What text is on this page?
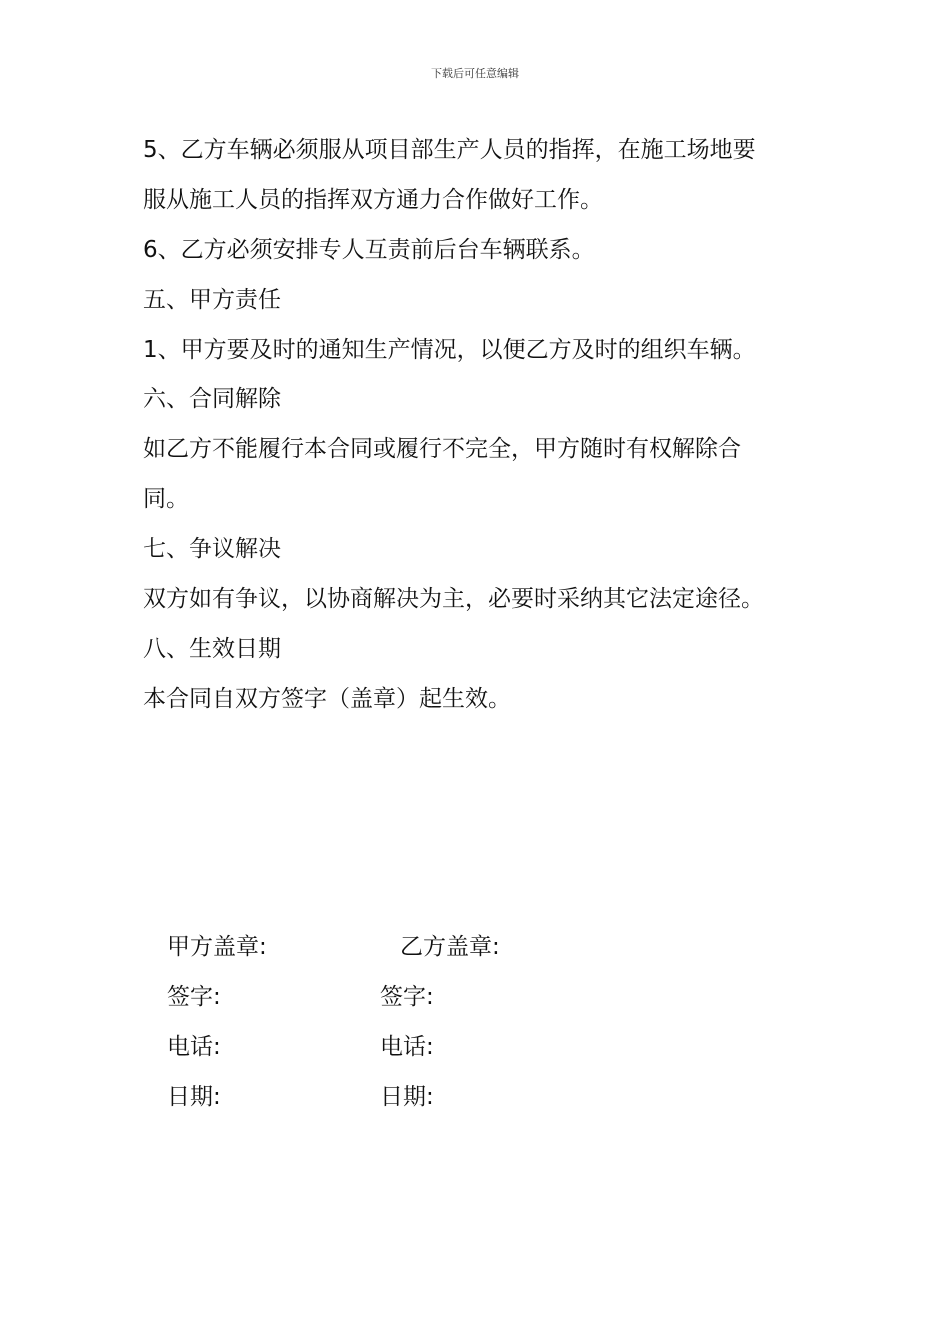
下载后可任意编辑
5、乙方车辆必须服从项目部生产人员的指挥，在施工场地要
服从施工人员的指挥双方通力合作做好工作。
6、乙方必须安排专人互责前后台车辆联系。
五、甲方责任
1、甲方要及时的通知生产情况，以便乙方及时的组织车辆。
六、合同解除
如乙方不能履行本合同或履行不完全，甲方随时有权解除合
同。
七、争议解决
双方如有争议，以协商解决为主，必要时采纳其它法定途径。
八、生效日期
本合同自双方签字（盖章）起生效。
甲方盖章:	乙方盖章:
签字:	签字:
电话:	电话:
日期:	日期:
